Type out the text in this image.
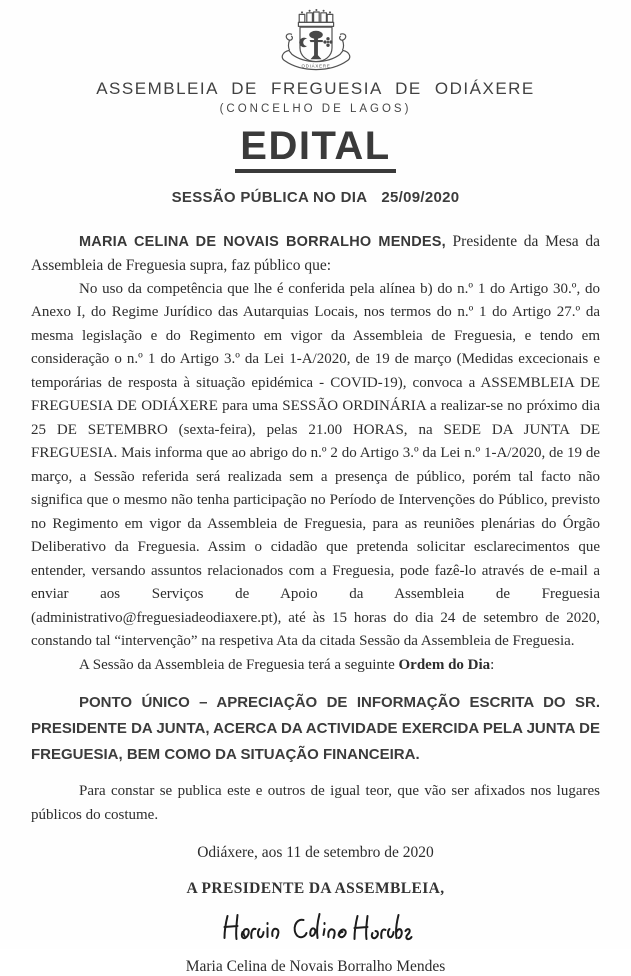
ODIÁXERE
ASSEMBLEIA DE FREGUESIA DE ODIÁXERE
(CONCELHO DE LAGOS)
EDITAL
SESSÃO PÚBLICA NO DIA 25/09/2020

MARIA CELINA DE NOVAIS BORRALHO MENDES, Presidente da Mesa da Assembleia de Freguesia supra, faz público que:

No uso da competência que lhe é conferida pela alínea b) do n.º 1 do Artigo 30.º, do Anexo I, do Regime Jurídico das Autarquias Locais, nos termos do n.º 1 do Artigo 27.º da mesma legislação e do Regimento em vigor da Assembleia de Freguesia, e tendo em consideração o n.º 1 do Artigo 3.º da Lei 1-A/2020, de 19 de março (Medidas excecionais e temporárias de resposta à situação epidémica - COVID-19), convoca a ASSEMBLEIA DE FREGUESIA DE ODIÁXERE para uma SESSÃO ORDINÁRIA a realizar-se no próximo dia 25 DE SETEMBRO (sexta-feira), pelas 21.00 HORAS, na SEDE DA JUNTA DE FREGUESIA. Mais informa que ao abrigo do n.º 2 do Artigo 3.º da Lei n.º 1-A/2020, de 19 de março, a Sessão referida será realizada sem a presença de público, porém tal facto não significa que o mesmo não tenha participação no Período de Intervenções do Público, previsto no Regimento em vigor da Assembleia de Freguesia, para as reuniões plenárias do Órgão Deliberativo da Freguesia. Assim o cidadão que pretenda solicitar esclarecimentos que entender, versando assuntos relacionados com a Freguesia, pode fazê-lo através de e-mail a enviar aos Serviços de Apoio da Assembleia de Freguesia (administrativo@freguesiadeodiaxere.pt), até às 15 horas do dia 24 de setembro de 2020, constando tal “intervenção” na respetiva Ata da citada Sessão da Assembleia de Freguesia.

A Sessão da Assembleia de Freguesia terá a seguinte Ordem do Dia:

PONTO ÚNICO – APRECIAÇÃO DE INFORMAÇÃO ESCRITA DO SR. PRESIDENTE DA JUNTA, ACERCA DA ACTIVIDADE EXERCIDA PELA JUNTA DE FREGUESIA, BEM COMO DA SITUAÇÃO FINANCEIRA.

Para constar se publica este e outros de igual teor, que vão ser afixados nos lugares públicos do costume.

Odiáxere, aos 11 de setembro de 2020
A PRESIDENTE DA ASSEMBLEIA,
Maria Celina de Novais Borralho Mendes
